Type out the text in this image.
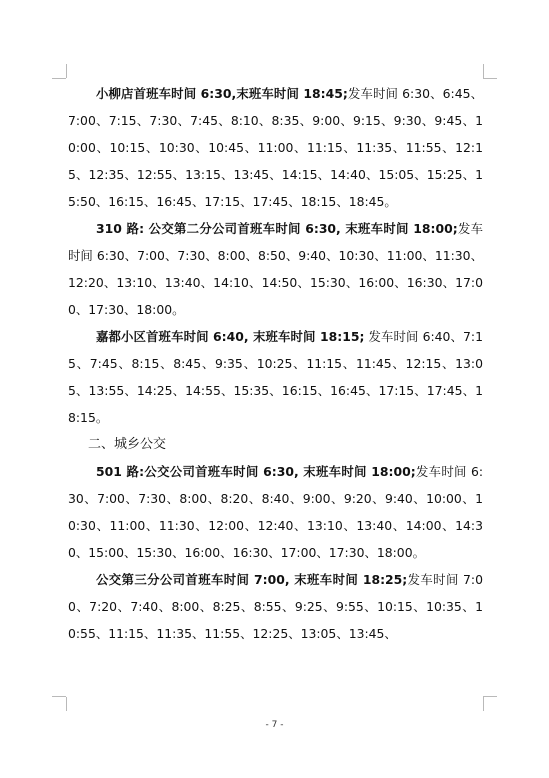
小柳店首班车时间 6:30,末班车时间 18:45;发车时间 6:30、6:45、7:00、7:15、7:30、7:45、8:10、8:35、9:00、9:15、9:30、9:45、10:00、10:15、10:30、10:45、11:00、11:15、11:35、11:55、12:15、12:35、12:55、13:15、13:45、14:15、14:40、15:05、15:25、15:50、16:15、16:45、17:15、17:45、18:15、18:45。

310 路: 公交第二分公司首班车时间 6:30, 末班车时间 18:00;发车时间 6:30、7:00、7:30、8:00、8:50、9:40、10:30、11:00、11:30、12:20、13:10、13:40、14:10、14:50、15:30、16:00、16:30、17:00、17:30、18:00。

嘉都小区首班车时间 6:40, 末班车时间 18:15; 发车时间 6:40、7:15、7:45、8:15、8:45、9:35、10:25、11:15、11:45、12:15、13:05、13:55、14:25、14:55、15:35、16:15、16:45、17:15、17:45、18:15。

二、城乡公交

501 路:公交公司首班车时间 6:30, 末班车时间 18:00;发车时间 6:30、7:00、7:30、8:00、8:20、8:40、9:00、9:20、9:40、10:00、10:30、11:00、11:30、12:00、12:40、13:10、13:40、14:00、14:30、15:00、15:30、16:00、16:30、17:00、17:30、18:00。

公交第三分公司首班车时间 7:00, 末班车时间 18:25;发车时间 7:00、7:20、7:40、8:00、8:25、8:55、9:25、9:55、10:15、10:35、10:55、11:15、11:35、11:55、12:25、13:05、13:45、

- 7 -
